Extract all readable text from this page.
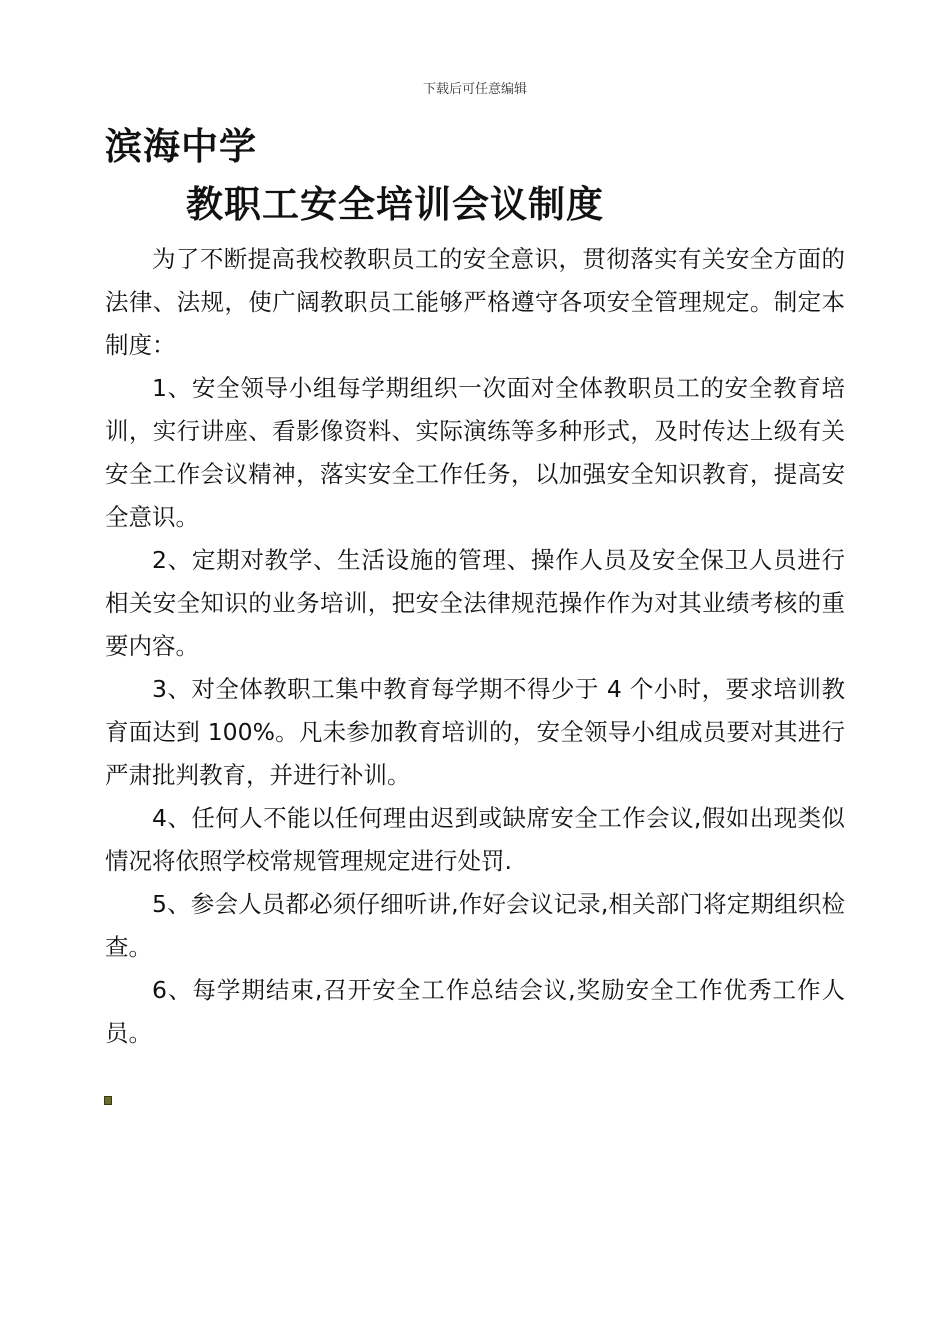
下载后可任意编辑
滨海中学
教职工安全培训会议制度

为了不断提高我校教职员工的安全意识，贯彻落实有关安全方面的法律、法规，使广阔教职员工能够严格遵守各项安全管理规定。制定本制度：

1、安全领导小组每学期组织一次面对全体教职员工的安全教育培训，实行讲座、看影像资料、实际演练等多种形式，及时传达上级有关安全工作会议精神，落实安全工作任务，以加强安全知识教育，提高安全意识。

2、定期对教学、生活设施的管理、操作人员及安全保卫人员进行相关安全知识的业务培训，把安全法律规范操作作为对其业绩考核的重要内容。

3、对全体教职工集中教育每学期不得少于 4 个小时，要求培训教育面达到 100%。凡未参加教育培训的，安全领导小组成员要对其进行严肃批判教育，并进行补训。

4、任何人不能以任何理由迟到或缺席安全工作会议,假如出现类似情况将依照学校常规管理规定进行处罚.

5、参会人员都必须仔细听讲,作好会议记录,相关部门将定期组织检查。

6、每学期结束,召开安全工作总结会议,奖励安全工作优秀工作人员。
